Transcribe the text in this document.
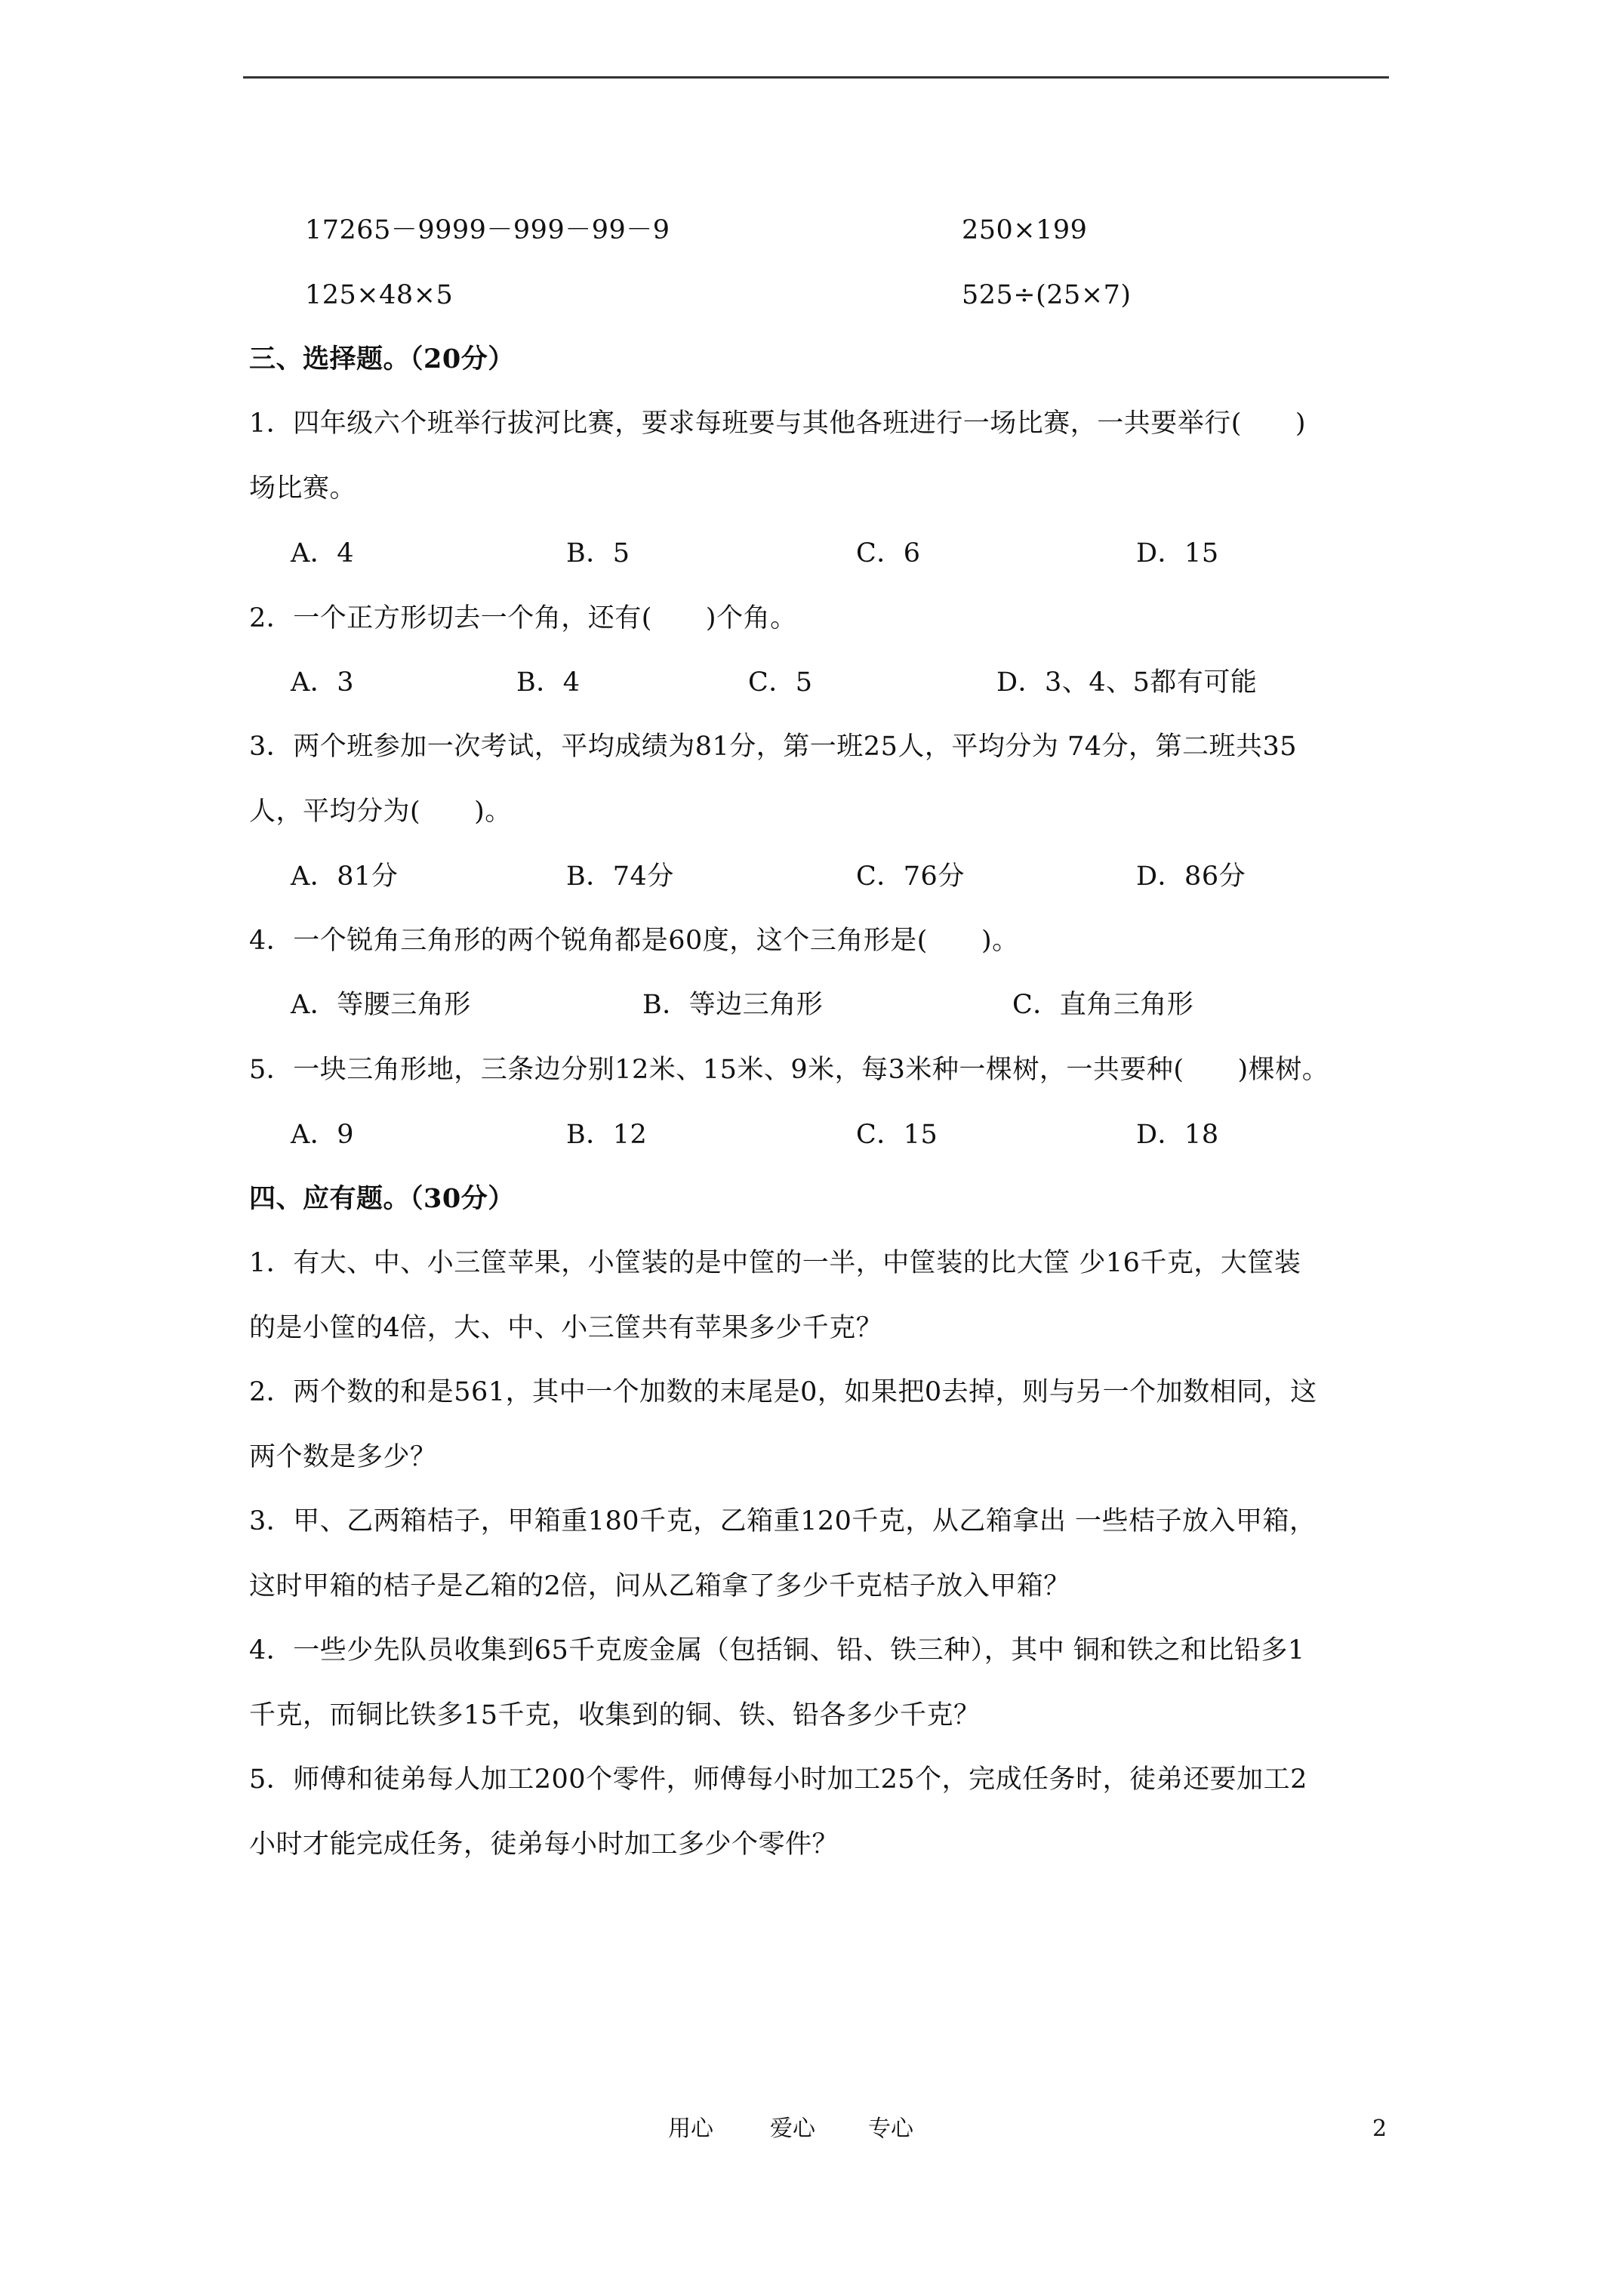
17265－9999－999－99－9	250×199
125×48×5	525÷(25×7)
三、选择题。（20分）
1．四年级六个班举行拔河比赛，要求每班要与其他各班进行一场比赛，一共要举行(　　)
场比赛。
A．4	B．5	C．6	D．15
2．一个正方形切去一个角，还有(　　)个角。
A．3	B．4	C．5	D．3、4、5都有可能
3．两个班参加一次考试，平均成绩为81分，第一班25人，平均分为 74分，第二班共35
人，平均分为(　　)。
A．81分	B．74分	C．76分	D．86分
4．一个锐角三角形的两个锐角都是60度，这个三角形是(　　)。
A．等腰三角形	B．等边三角形	C．直角三角形
5．一块三角形地，三条边分别12米、15米、9米，每3米种一棵树，一共要种(　　)棵树。
A．9	B．12	C．15	D．18
四、应有题。（30分）
1．有大、中、小三筐苹果，小筐装的是中筐的一半，中筐装的比大筐 少16千克，大筐装
的是小筐的4倍，大、中、小三筐共有苹果多少千克？
2．两个数的和是561，其中一个加数的末尾是0，如果把0去掉，则与另一个加数相同，这
两个数是多少？
3．甲、乙两箱桔子，甲箱重180千克，乙箱重120千克，从乙箱拿出 一些桔子放入甲箱，
这时甲箱的桔子是乙箱的2倍，问从乙箱拿了多少千克桔子放入甲箱？
4．一些少先队员收集到65千克废金属（包括铜、铅、铁三种），其中 铜和铁之和比铅多1
千克，而铜比铁多15千克，收集到的铜、铁、铅各多少千克？
5．师傅和徒弟每人加工200个零件，师傅每小时加工25个，完成任务时，徒弟还要加工2
小时才能完成任务，徒弟每小时加工多少个零件？
用心	爱心 专心	2
